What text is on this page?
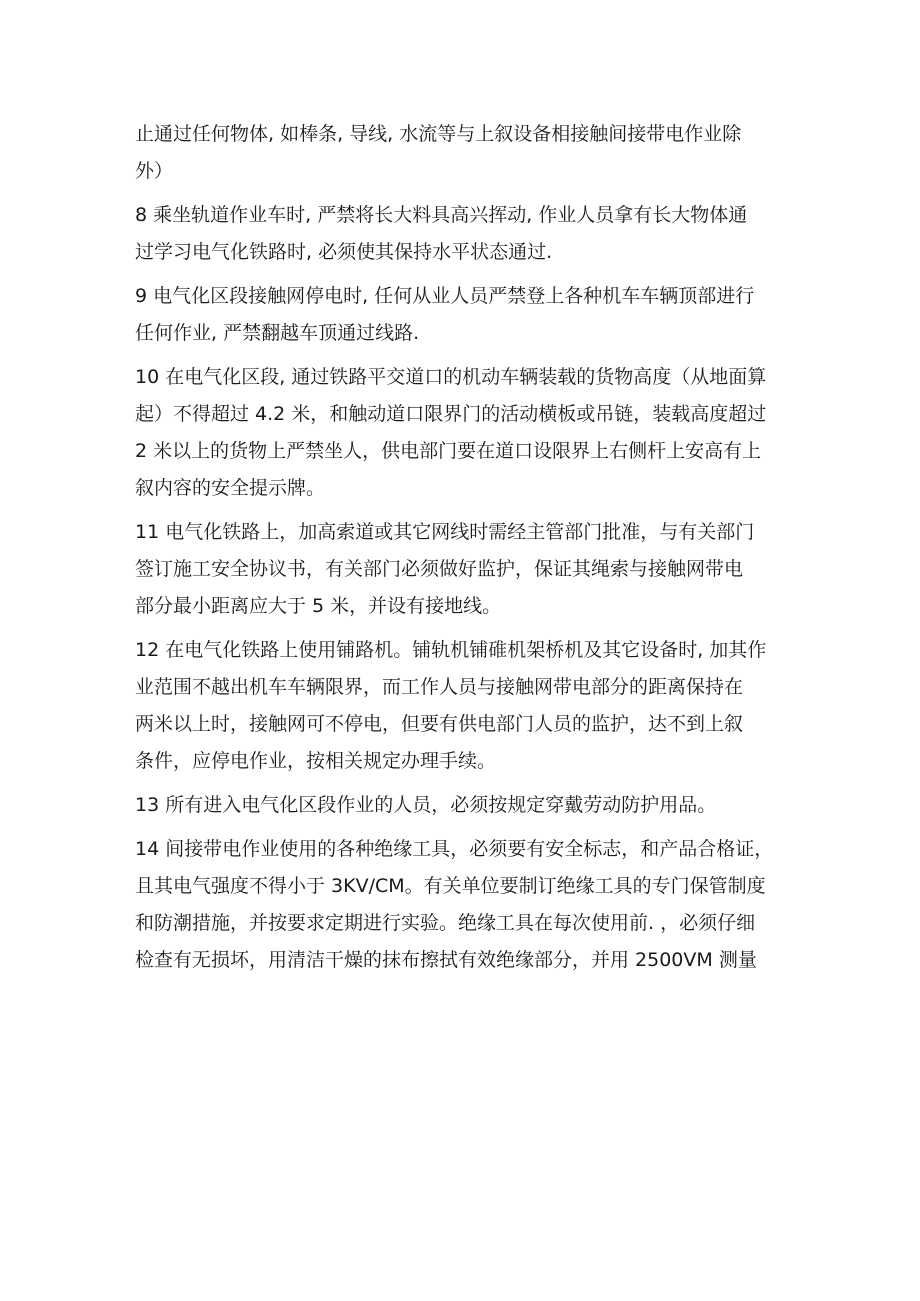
止通过任何物体, 如棒条, 导线, 水流等与上叙设备相接触间接带电作业除
外）

8 乘坐轨道作业车时, 严禁将长大料具高兴挥动, 作业人员拿有长大物体通
过学习电气化铁路时, 必须使其保持水平状态通过.

9 电气化区段接触网停电时, 任何从业人员严禁登上各种机车车辆顶部进行
任何作业, 严禁翻越车顶通过线路.

10 在电气化区段, 通过铁路平交道口的机动车辆装载的货物高度（从地面算
起）不得超过 4.2 米，和触动道口限界门的活动横板或吊链，装载高度超过
2 米以上的货物上严禁坐人，供电部门要在道口设限界上右侧杆上安高有上
叙内容的安全提示牌。

11 电气化铁路上，加高索道或其它网线时需经主管部门批准，与有关部门
签订施工安全协议书，有关部门必须做好监护，保证其绳索与接触网带电
部分最小距离应大于 5 米，并设有接地线。

12 在电气化铁路上使用铺路机。铺轨机铺碓机架桥机及其它设备时, 加其作
业范围不越出机车车辆限界，而工作人员与接触网带电部分的距离保持在
两米以上时，接触网可不停电，但要有供电部门人员的监护，达不到上叙
条件，应停电作业，按相关规定办理手续。

13 所有进入电气化区段作业的人员，必须按规定穿戴劳动防护用品。

14 间接带电作业使用的各种绝缘工具，必须要有安全标志，和产品合格证，
且其电气强度不得小于 3KV/CM。有关单位要制订绝缘工具的专门保管制度
和防潮措施，并按要求定期进行实验。绝缘工具在每次使用前. ，必须仔细
检查有无损坏，用清洁干燥的抹布擦拭有效绝缘部分，并用 2500VM 测量
